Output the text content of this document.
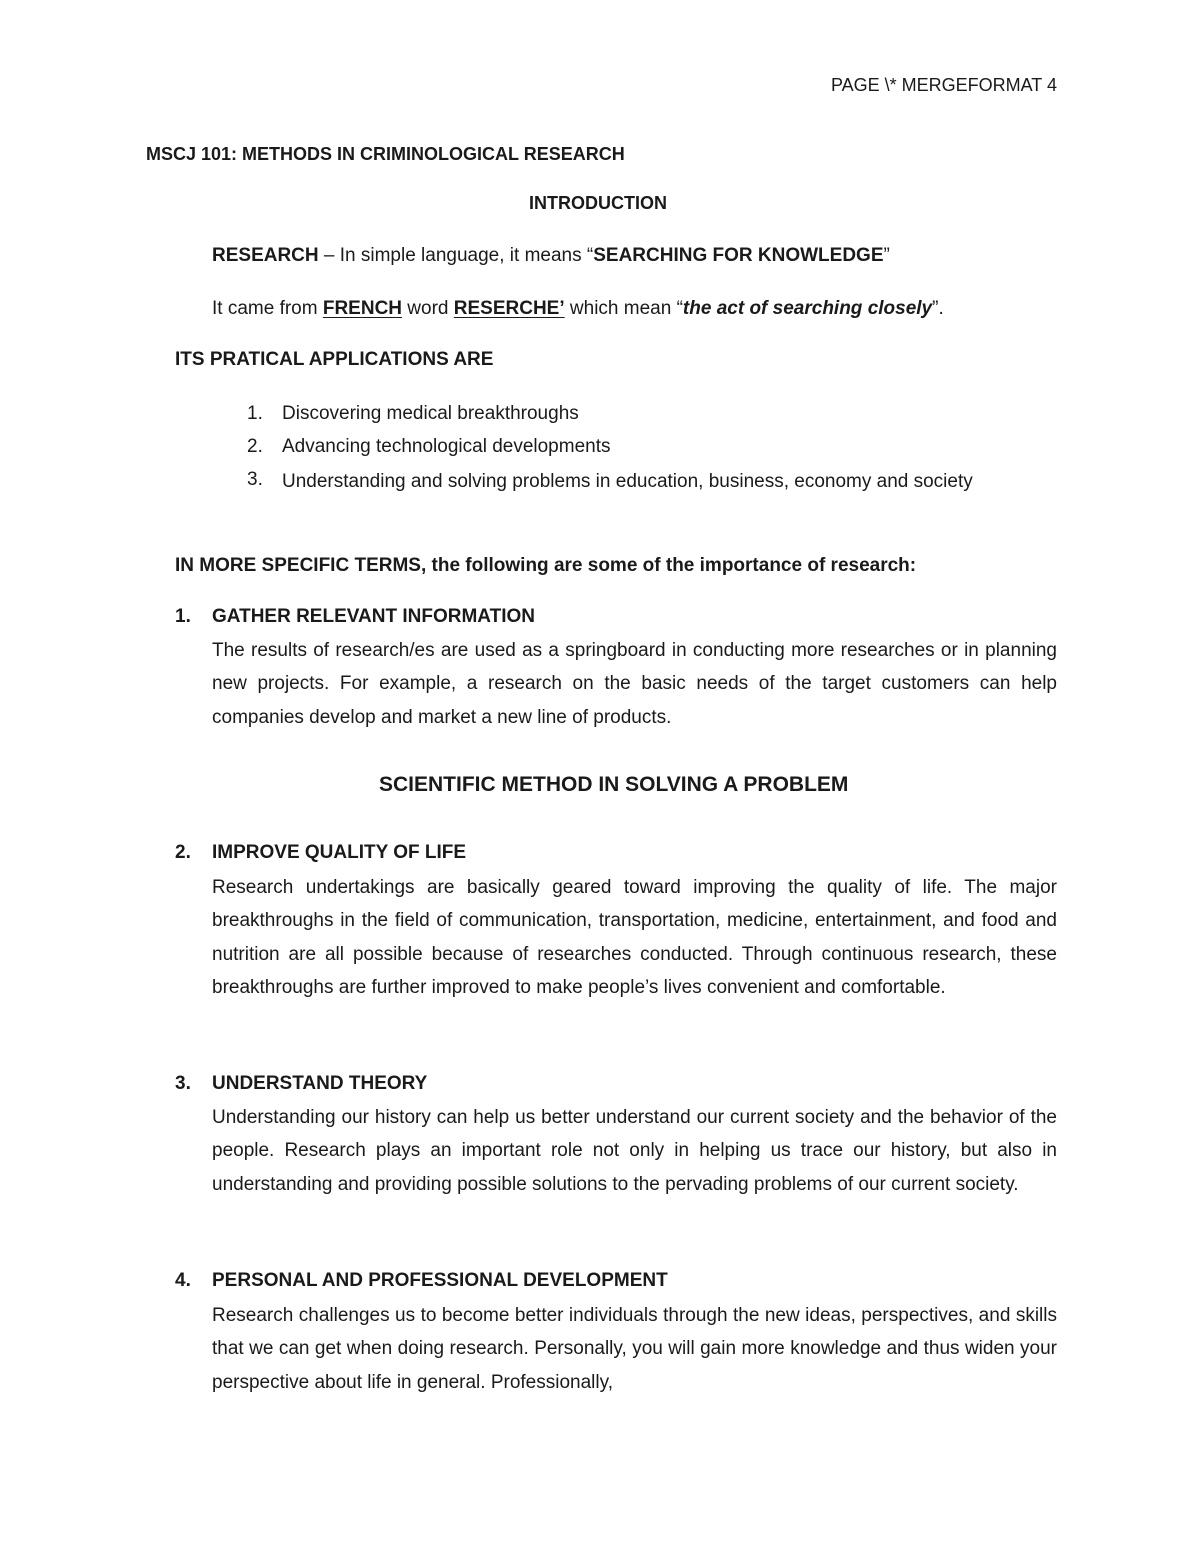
PAGE \* MERGEFORMAT 4
MSCJ 101: METHODS IN CRIMINOLOGICAL RESEARCH
INTRODUCTION
RESEARCH – In simple language, it means “SEARCHING FOR KNOWLEDGE”
It came from FRENCH word RESERCHE’ which mean “the act of searching closely”.
ITS PRATICAL APPLICATIONS ARE
1. Discovering medical breakthroughs
2. Advancing technological developments
3. Understanding and solving problems in education, business, economy and society
IN MORE SPECIFIC TERMS, the following are some of the importance of research:
1. GATHER RELEVANT INFORMATION
The results of research/es are used as a springboard in conducting more researches or in planning new projects. For example, a research on the basic needs of the target customers can help companies develop and market a new line of products.
SCIENTIFIC METHOD IN SOLVING A PROBLEM
2. IMPROVE QUALITY OF LIFE
Research undertakings are basically geared toward improving the quality of life. The major breakthroughs in the field of communication, transportation, medicine, entertainment, and food and nutrition are all possible because of researches conducted. Through continuous research, these breakthroughs are further improved to make people’s lives convenient and comfortable.
3. UNDERSTAND THEORY
Understanding our history can help us better understand our current society and the behavior of the people. Research plays an important role not only in helping us trace our history, but also in understanding and providing possible solutions to the pervading problems of our current society.
4. PERSONAL AND PROFESSIONAL DEVELOPMENT
Research challenges us to become better individuals through the new ideas, perspectives, and skills that we can get when doing research. Personally, you will gain more knowledge and thus widen your perspective about life in general. Professionally,
